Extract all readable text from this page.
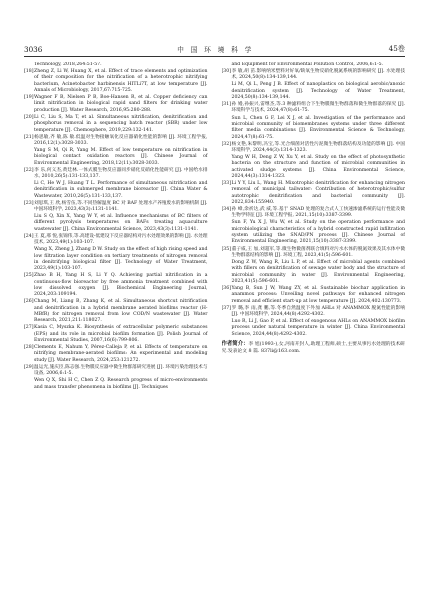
3036	中 国 环 境 科 学	45卷

Technology, 2018,264:51-57.

[18]Zheng Z, Li W, Huang X, et al. Effect of trace elements and optimization of their composition for the nitrification of a heterotrophic nitrifying bacterium, Acinetobacter harbinensis HITLi7T, at low temperature [J]. Annals of Microbiology, 2017,67:715-725.

[19]Wagner F B, Nielsen P B, Boe-Hansen R, et al. Copper deficiency can limit nitrification in biological rapid sand filters for drinking water production [J]. Water Research, 2016,95:280-288.

[20]Li C, Liu S, Ma T, et al. Simultaneous nitrification, denitrification and phosphorus removal in a sequencing batch reactor (SBR) under low temperature [J]. Chemosphere, 2019,229:132-141.

[21]杨思敏,齐 敏,陈 敏.低温对生物接触氧化反应器硝化性能的影响 [J]. 环境工程学报, 2016,12(1):3028-3033.

Yang S M, Qi R, Yang M. Effect of low temperature on nitrification in biological contact oxidation reactors [J]. Chinese Journal of Environmental Engineering, 2018,12(11):3028-3033.

[22]李 乐,何义杰,黄廷林.一体式膜生物反应器同步硝化反硝化性能研究 [J]. 中国给水排水, 2010,26(5):131-133,137.

Li C, He W J, Huang T L. Performance of simultaneous nitrification and denitrification in submerged membrane bioreactor [J]. China Water & Wastewater, 2010,26(5):131-133,137.

[23]刘思琪,王 欣,杨雪伍,等.不同热解温度 BC 对 BAF 处理水产养殖废水的影响机制 [J]. 中国环境科学, 2023,43(3):1131-1141.

Liu S Q, Xin X, Yang W Y, et al. Influence mechanisms of BC filters of different pyrolysis temperatures on BAFs treating aquaculture wastewater [J]. China Environmental Science, 2023,43(3):1131-1141.

[24]王 夏,邢 悦,张锦伟,等.高建设-低建设下反应器结构对污水处理效果的影响 [J]. 水处理技术, 2023,49(1):103-107.

Wang X, Zheng J, Zhang D W. Study on the effect of high rising speed and low filtration layer condition on tertiary treatments of nitrogen removal in denitrifying biological filter [J]. Technology of Water Treatment, 2023,49(1):103-107.

[25]Zhao B H, Yang H S, Li Y Q. Achieving partial nitrification in a continuous-flow bioreactor by free ammonia treatment combined with low dissolved oxygen [J]. Biochemical Engineering Journal, 2024,203:109194.

[26]Chang M, Liang B, Zhang K, et al. Simultaneous shortcut nitrification and denitrification in a hybrid membrane aerated biofilms reactor (H-MBfR) for nitrogen removal from low COD/N wastewater [J]. Water Research, 2021,211:118027.

[27]Kasia C, Myszka K. Biosynthesis of extracellular polymeric substances (EPS) and its role in microbial biofilm formation [J]. Polish Journal of Environmental Studies, 2007,16(6):799-806.

[28]Clements E, Nahum Y, Pérez-Calleja P, et al. Effects of temperature on nitrifying membrane-aerated biofilms: An experimental and modeling study [J]. Water Research, 2024,253:121272.

[29]温运光,施庆臣,陈志强.生物膜反应器中微生物群落研究进展 [J]. 环境污染治理技术与设备, 2006,6:1-5.

Wen Q X, Shi H C, Chen Z Q. Research progress of micro-environments and mass transfer phenomena in biofilms [J]. Techniques

and Equipment for Environmental Pollution Control, 2006,6:1-5.

[30]李 敏,胡 苗.影响纳米塑料对好氧/缺氧生物反硝化脱氮系统的影响研究 [J]. 水处理技术, 2024,50(8):134-139,144.

Li M, Qi L, Peng J B. Effect of nanoplastics on biological aerobic/anoxic denitrification system [J]. Technology of Water Treatment, 2024,50(8):134-139,144.

[31]孙 嫚,孙振兴,雷继杰,等.3 种滤料组合下生物膜微生物群落和微生物群落的探究 [J]. 环境科学与技术, 2024,47(8):61-75.

Sun L, Chen G F, Lei X J, et al. Investigation of the performance and microbial community of biomembranes systems under three different filter media combinations [J]. Environmental Science & Technology, 2024,47(8):61-75.

[32]杨文艳,朱黎明,冯宝,等.光合细菌对活性污泥微生物群落结构及功能的影响 [J]. 中国环境科学, 2024,44(3):1314-1323.

Yang W H, Deng Z W, Xu Y, et al. Study on the effect of photosynthetic bacteria on the structure and function of microbial communities in activated sludge systems [J]. China Environmental Science, 2024,44(3):1314-1323.

[33]Li Y Y, Liu L, Wang H. Mixotrophic denitrification for enhancing nitrogen removal of municipal tailwater: Contribution of heterotrophic/sulfur autotrophic denitrification and bacterial community [J]. 2022,834:155940.

[34]孙 峰,余祈达,武 威,等.基于 SNAD 处理的复合式人工快速渗滤系统的运行性能及微生物学特征 [J]. 环境工程学报, 2021,15(10):3387-3399.

Sun F, Yu X J, Wu W, et al. Study on the operation performance and microbiological characteristics of a hybrid constructed rapid infiltration system utilizing the SNAD/PN process [J]. Chinese Journal of Environmental Engineering, 2021,15(10):3387-3399.

[35]董子威,王 加,刘超军,等.微生物微菌剂联合填料对污水水体的脱氮效果及其水体中微生物群落结构的影响 [J]. 环境工程, 2023,41(5):596-601.

Dong Z W, Wang R, Liu L P, et al. Effect of microbial agents combined with fillers on denitrification of sewage water body and the structure of microbial community in water [J]. Environmental Engineering, 2023,41(5):596-601.

[36]Yang B, Sun J W, Wang ZY, et al. Sustainable biochar application in anammox process: Unveiling novel pathways for enhanced nitrogen removal and efficient start-up at low temperature [J]. 2024,402:130773.

[37]罗 璐,李 雨,龚 鹏,等.冬季自然温度下外加 AHLs 对 ANAMMOX 脱氮性能的影响 [J]. 中国环境科学, 2024,44(8):4292-4302.

Luo R, Li J, Gao P, et al. Effect of exogenous AHLs on ANAMMOX biofilm process under natural temperature in winter [J]. China Environmental Science, 2024,44(8):4292-4302.

作者简介：李 旭(1993-),女,河南开封人,助理工程师,硕士,主要从事污水处理的技术研究.发表论文 8 篇. 837li@163.com.
